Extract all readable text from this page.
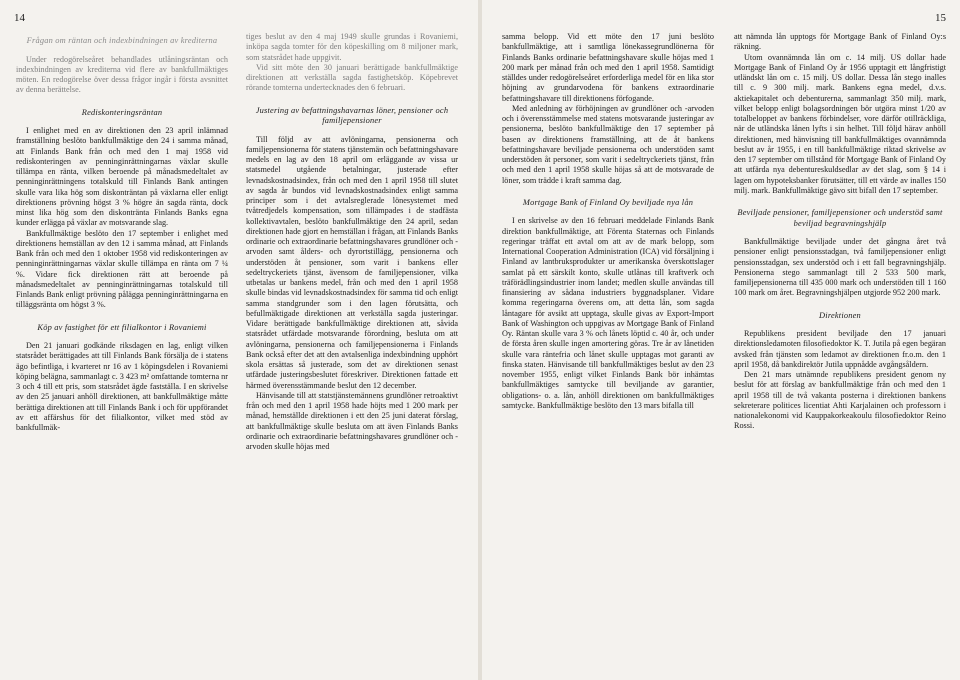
14
Frågan om räntan och indexbindningen av krediterna

Under redogörelseåret behandlades utlåningsräntan och indexbindningen av krediterna vid flere av bankfullmäktiges möten. En redogörelse över dessa frågor ingår i första avsnittet av denna berättelse.

Rediskonteringsräntan

I enlighet med en av direktionen den 23 april inlämnad framställning beslöto bankfullmäktige den 24 i samma månad, att Finlands Bank från och med den 1 maj 1958 vid rediskonteringen av penninginrättningarnas växlar skulle tillämpa en ränta, vilken beroende på månadsmedeltalet av penninginrättningens totalskuld till Finlands Bank antingen skulle vara lika hög som diskonträntan på växlarna eller enligt direktionens prövning högst 3 % högre än sagda ränta, dock minst lika hög som den diskontränta Finlands Banks egna kunder erlägga på växlar av motsvarande slag.

Bankfullmäktige beslöto den 17 september i enlighet med direktionens hemställan av den 12 i samma månad, att Finlands Bank från och med den 1 oktober 1958 vid rediskonteringen av penninginrättningarnas växlar skulle tillämpa en ränta om 7 ¼ %. Vidare fick direktionen rätt att beroende på månadsmedeltalet av penninginrättningarnas totalskuld till Finlands Bank enligt prövning pålägga penninginrättningarna en tilläggsränta om högst 3 %.

Köp av fastighet för ett filialkontor i Rovaniemi

Den 21 januari godkände riksdagen en lag, enligt vilken statsrådet berättigades att till Finlands Bank försälja de i statens ägo befintliga, i kvarteret nr 16 av 1 köpingsdelen i Rovaniemi köping belägna, sammanlagt c. 3 423 m² omfattande tomterna nr 3 och 4 till ett pris, som statsrådet ägde fastställa. I en skrivelse av den 25 januari anhöll direktionen, att bankfullmäktige måtte berättiga direktionen att till Finlands Bank i och för uppförandet av ett affärshus för det filialkontor, vilket med stöd av bankfullmäk-

tiges beslut av den 4 maj 1949 skulle grundas i Rovaniemi, inköpa sagda tomter för den köpeskilling om 8 miljoner mark, som statsrådet hade uppgivit.

Vid sitt möte den 30 januari berättigade bankfullmäktige direktionen att verkställa sagda fastighetsköp. Köpebrevet rörande tomterna undertecknades den 6 februari.

Justering av befattningshavarnas löner, pensioner och familjepensioner

Till följd av att avlöningarna, pensionerna och familjepensionerna för statens tjänstemän och befattningshavare medels en lag av den 18 april om erläggande av vissa ur statsmedel utgående betalningar, justerade efter levnadskostnadsindex, från och med den 1 april 1958 till slutet av sagda år bundos vid levnadskostnadsindex enligt samma principer som i det avtalsreglerade lönesystemet med tvåtredjedels kompensation, som tillämpades i de stadfästa kollektivavtalen, beslöto bankfullmäktige den 24 april, sedan direktionen hade gjort en hemställan i frågan, att Finlands Banks ordinarie och extraordinarie befattningshavares grundlöner och -arvoden samt ålders- och dyrortstillägg, pensionerna och understöden åt pensioner, som varit i bankens eller sedeltryckeriets tjänst, ävensom de familjepensioner, vilka utbetalas ur bankens medel, från och med den 1 april 1958 skulle bindas vid levnadskostnadsindex för samma tid och enligt samma standgrunder som i den lagen förutsätta, och befullmäktigade direktionen att verkställa sagda justeringar. Vidare berättigade bankfullmäktige direktionen att, såvida statsrådet utfärdade motsvarande förordning, besluta om att avlöningarna, pensionerna och familjepensionerna i Finlands Bank också efter det att den avtalsenliga indexbindning upphört skola ersättas så justerade, som det av direktionen senast utfärdade justeringsbeslutet föreskriver. Direktionen fattade ett härmed överensstämmande beslut den 12 december.

Hänvisande till att statstjänstemännens grundlöner retroaktivt från och med den 1 april 1958 hade höjts med 1 200 mark per månad, hemställde direktionen i ett den 25 juni daterat förslag, att bankfullmäktige skulle besluta om att även Finlands Banks ordinarie och extraordinarie befattningshavares grundlöner och -arvoden skulle höjas med

15

samma belopp. Vid ett möte den 17 juni beslöto bankfullmäktige, att i samtliga lönekassegrundlönerna för Finlands Banks ordinarie befattningshavare skulle höjas med 1 200 mark per månad från och med den 1 april 1958. Samtidigt ställdes under redogörelseåret erforderliga medel för en lika stor höjning av grundarvodena för bankens extraordinarie befattningshavare till direktionens förfogande.

Med anledning av förhöjningen av grundlöner och -arvoden och i överensstämmelse med statens motsvarande justeringar av pensionerna, beslöto bankfullmäktige den 17 september på basen av direktionens framställning, att de åt bankens befattningshavare beviljade pensionerna och understöden samt understöden åt personer, som varit i sedeltryckeriets tjänst, från och med den 1 april 1958 skulle höjas så att de motsvarade de löner, som trädde i kraft samma dag.

Mortgage Bank of Finland Oy beviljade nya lån

I en skrivelse av den 16 februari meddelade Finlands Bank direktion bankfullmäktige, att Förenta Staternas och Finlands regeringar träffat ett avtal om att av de mark belopp, som International Cooperation Administration (ICA) vid försäljning i Finland av lantbruksprodukter ur amerikanska överskottslager samlat på ett särskilt konto, skulle utlånas till kraftverk och träförädlingsindustrier inom landet; medlen skulle användas till finansiering av sådana industriers byggnadsplaner. Vidare komma regeringarna överens om, att detta lån, som sagda låntagare för avsikt att upptaga, skulle givas av Export-Import Bank of Washington och uppgivas av Mortgage Bank of Finland Oy. Räntan skulle vara 3 % och lånets löptid c. 40 år, och under de första åren skulle ingen amortering göras. Tre år av lånetiden skulle vara räntefria och lånet skulle upptagas mot garanti av finska staten. Hänvisande till bankfullmäktiges beslut av den 23 november 1955, enligt vilket Finlands Bank bör inhämtas bankfullmäktiges samtycke till beviljande av garantier, obligations- o. a. lån, anhöll direktionen om bankfullmäktiges samtycke. Bankfullmäktige beslöto den 13 mars bifalla till

att nämnda lån upptogs för Mortgage Bank of Finland Oy:s räkning.

Utom ovannämnda lån om c. 14 milj. US dollar hade Mortgage Bank of Finland Oy år 1956 upptagit ett långfristigt utländskt lån om c. 15 milj. US dollar. Dessa lån stego inalles till c. 9 300 milj. mark. Bankens egna medel, d.v.s. aktiekapitalet och debenturerna, sammanlagt 350 milj. mark, vilket belopp enligt bolagsordningen bör utgöra minst 1/20 av totalbeloppet av bankens förbindelser, vore därför otillräckliga, när de utländska lånen lyfts i sin helhet. Till följd härav anhöll direktionen, med hänvisning till bankfullmäktiges ovannämnda beslut av år 1955, i en till bankfullmäktige riktad skrivelse av den 17 september om tillstånd för Mortgage Bank of Finland Oy att utfärda nya debentureskuldsedlar av det slag, som § 14 i lagen om hypoteksbanker förutsätter, till ett värde av inalles 150 milj. mark. Bankfullmäktige gävo sitt bifall den 17 september.

Beviljade pensioner, familjepensioner och understöd samt beviljad begravningshjälp

Bankfullmäktige beviljade under det gångna året två pensioner enligt pensionsstadgan, två familjepensioner enligt pensionsstadgan, sex understöd och i ett fall begravningshjälp. Pensionerna stego sammanlagt till 2 533 500 mark, familjepensionerna till 435 000 mark och understöden till 1 160 100 mark om året. Begravningshjälpen utgjorde 952 200 mark.

Direktionen

Republikens president beviljade den 17 januari direktionsledamoten filosofiedoktor K. T. Jutila på egen begäran avsked från tjänsten som ledamot av direktionen fr.o.m. den 1 april 1958, då bankdirektör Jutila uppnådde avgångsåldern.

Den 21 mars utnämnde republikens president genom ny beslut för att förslag av bankfullmäktige från och med den 1 april 1958 till de två vakanta posterna i direktionen bankens sekreterare politices licentiat Ahti Karjalainen och professorn i nationalekonomi vid Kauppakorkeakoulu filosofiedoktor Reino Rossi.
